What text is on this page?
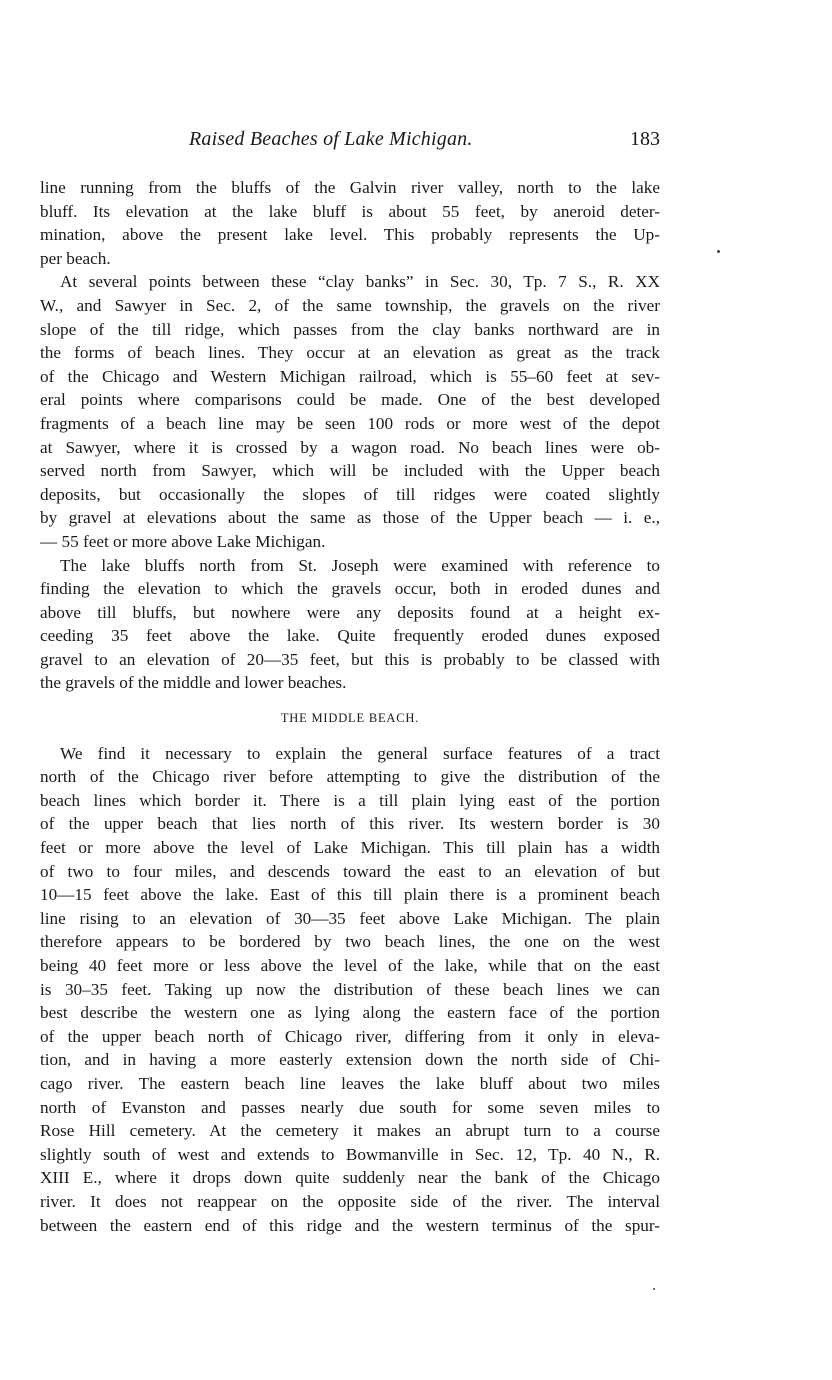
Raised Beaches of Lake Michigan.	183
line running from the bluffs of the Galvin river valley, north to the lake
bluff. Its elevation at the lake bluff is about 55 feet, by aneroid deter-
mination, above the present lake level. This probably represents the Up-
per beach.
At several points between these “clay banks” in Sec. 30, Tp. 7 S., R. XX
W., and Sawyer in Sec. 2, of the same township, the gravels on the river
slope of the till ridge, which passes from the clay banks northward are in
the forms of beach lines. They occur at an elevation as great as the track
of the Chicago and Western Michigan railroad, which is 55–60 feet at sev-
eral points where comparisons could be made. One of the best developed
fragments of a beach line may be seen 100 rods or more west of the depot
at Sawyer, where it is crossed by a wagon road. No beach lines were ob-
served north from Sawyer, which will be included with the Upper beach
deposits, but occasionally the slopes of till ridges were coated slightly
by gravel at elevations about the same as those of the Upper beach — i. e.,
— 55 feet or more above Lake Michigan.
The lake bluffs north from St. Joseph were examined with reference to
finding the elevation to which the gravels occur, both in eroded dunes and
above till bluffs, but nowhere were any deposits found at a height ex-
ceeding 35 feet above the lake. Quite frequently eroded dunes exposed
gravel to an elevation of 20—35 feet, but this is probably to be classed with
the gravels of the middle and lower beaches.
THE MIDDLE BEACH.
We find it necessary to explain the general surface features of a tract
north of the Chicago river before attempting to give the distribution of the
beach lines which border it. There is a till plain lying east of the portion
of the upper beach that lies north of this river. Its western border is 30
feet or more above the level of Lake Michigan. This till plain has a width
of two to four miles, and descends toward the east to an elevation of but
10—15 feet above the lake. East of this till plain there is a prominent beach
line rising to an elevation of 30—35 feet above Lake Michigan. The plain
therefore appears to be bordered by two beach lines, the one on the west
being 40 feet more or less above the level of the lake, while that on the east
is 30–35 feet. Taking up now the distribution of these beach lines we can
best describe the western one as lying along the eastern face of the portion
of the upper beach north of Chicago river, differing from it only in eleva-
tion, and in having a more easterly extension down the north side of Chi-
cago river. The eastern beach line leaves the lake bluff about two miles
north of Evanston and passes nearly due south for some seven miles to
Rose Hill cemetery. At the cemetery it makes an abrupt turn to a course
slightly south of west and extends to Bowmanville in Sec. 12, Tp. 40 N., R.
XIII E., where it drops down quite suddenly near the bank of the Chicago
river. It does not reappear on the opposite side of the river. The interval
between the eastern end of this ridge and the western terminus of the spur-
